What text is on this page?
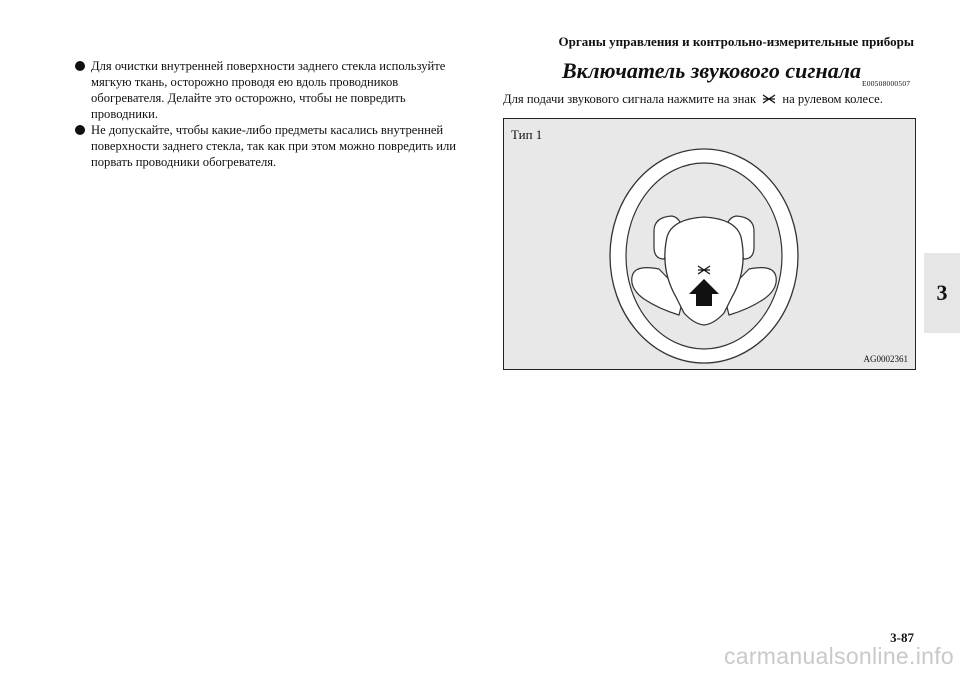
Органы управления и контрольно-измерительные приборы
Для очистки внутренней поверхности заднего стекла используйте мягкую ткань, осторожно проводя ею вдоль проводников обогревателя. Делайте это осторожно, чтобы не повредить проводники.
Не допускайте, чтобы какие-либо предметы касались внутренней поверхности заднего стекла, так как при этом можно повредить или порвать проводники обогревателя.
Включатель звукового сигнала
E00508000507
Для подачи звукового сигнала нажмите на знак на рулевом колесе.
Тип 1
AG0002361
3
3-87
carmanualsonline.info
